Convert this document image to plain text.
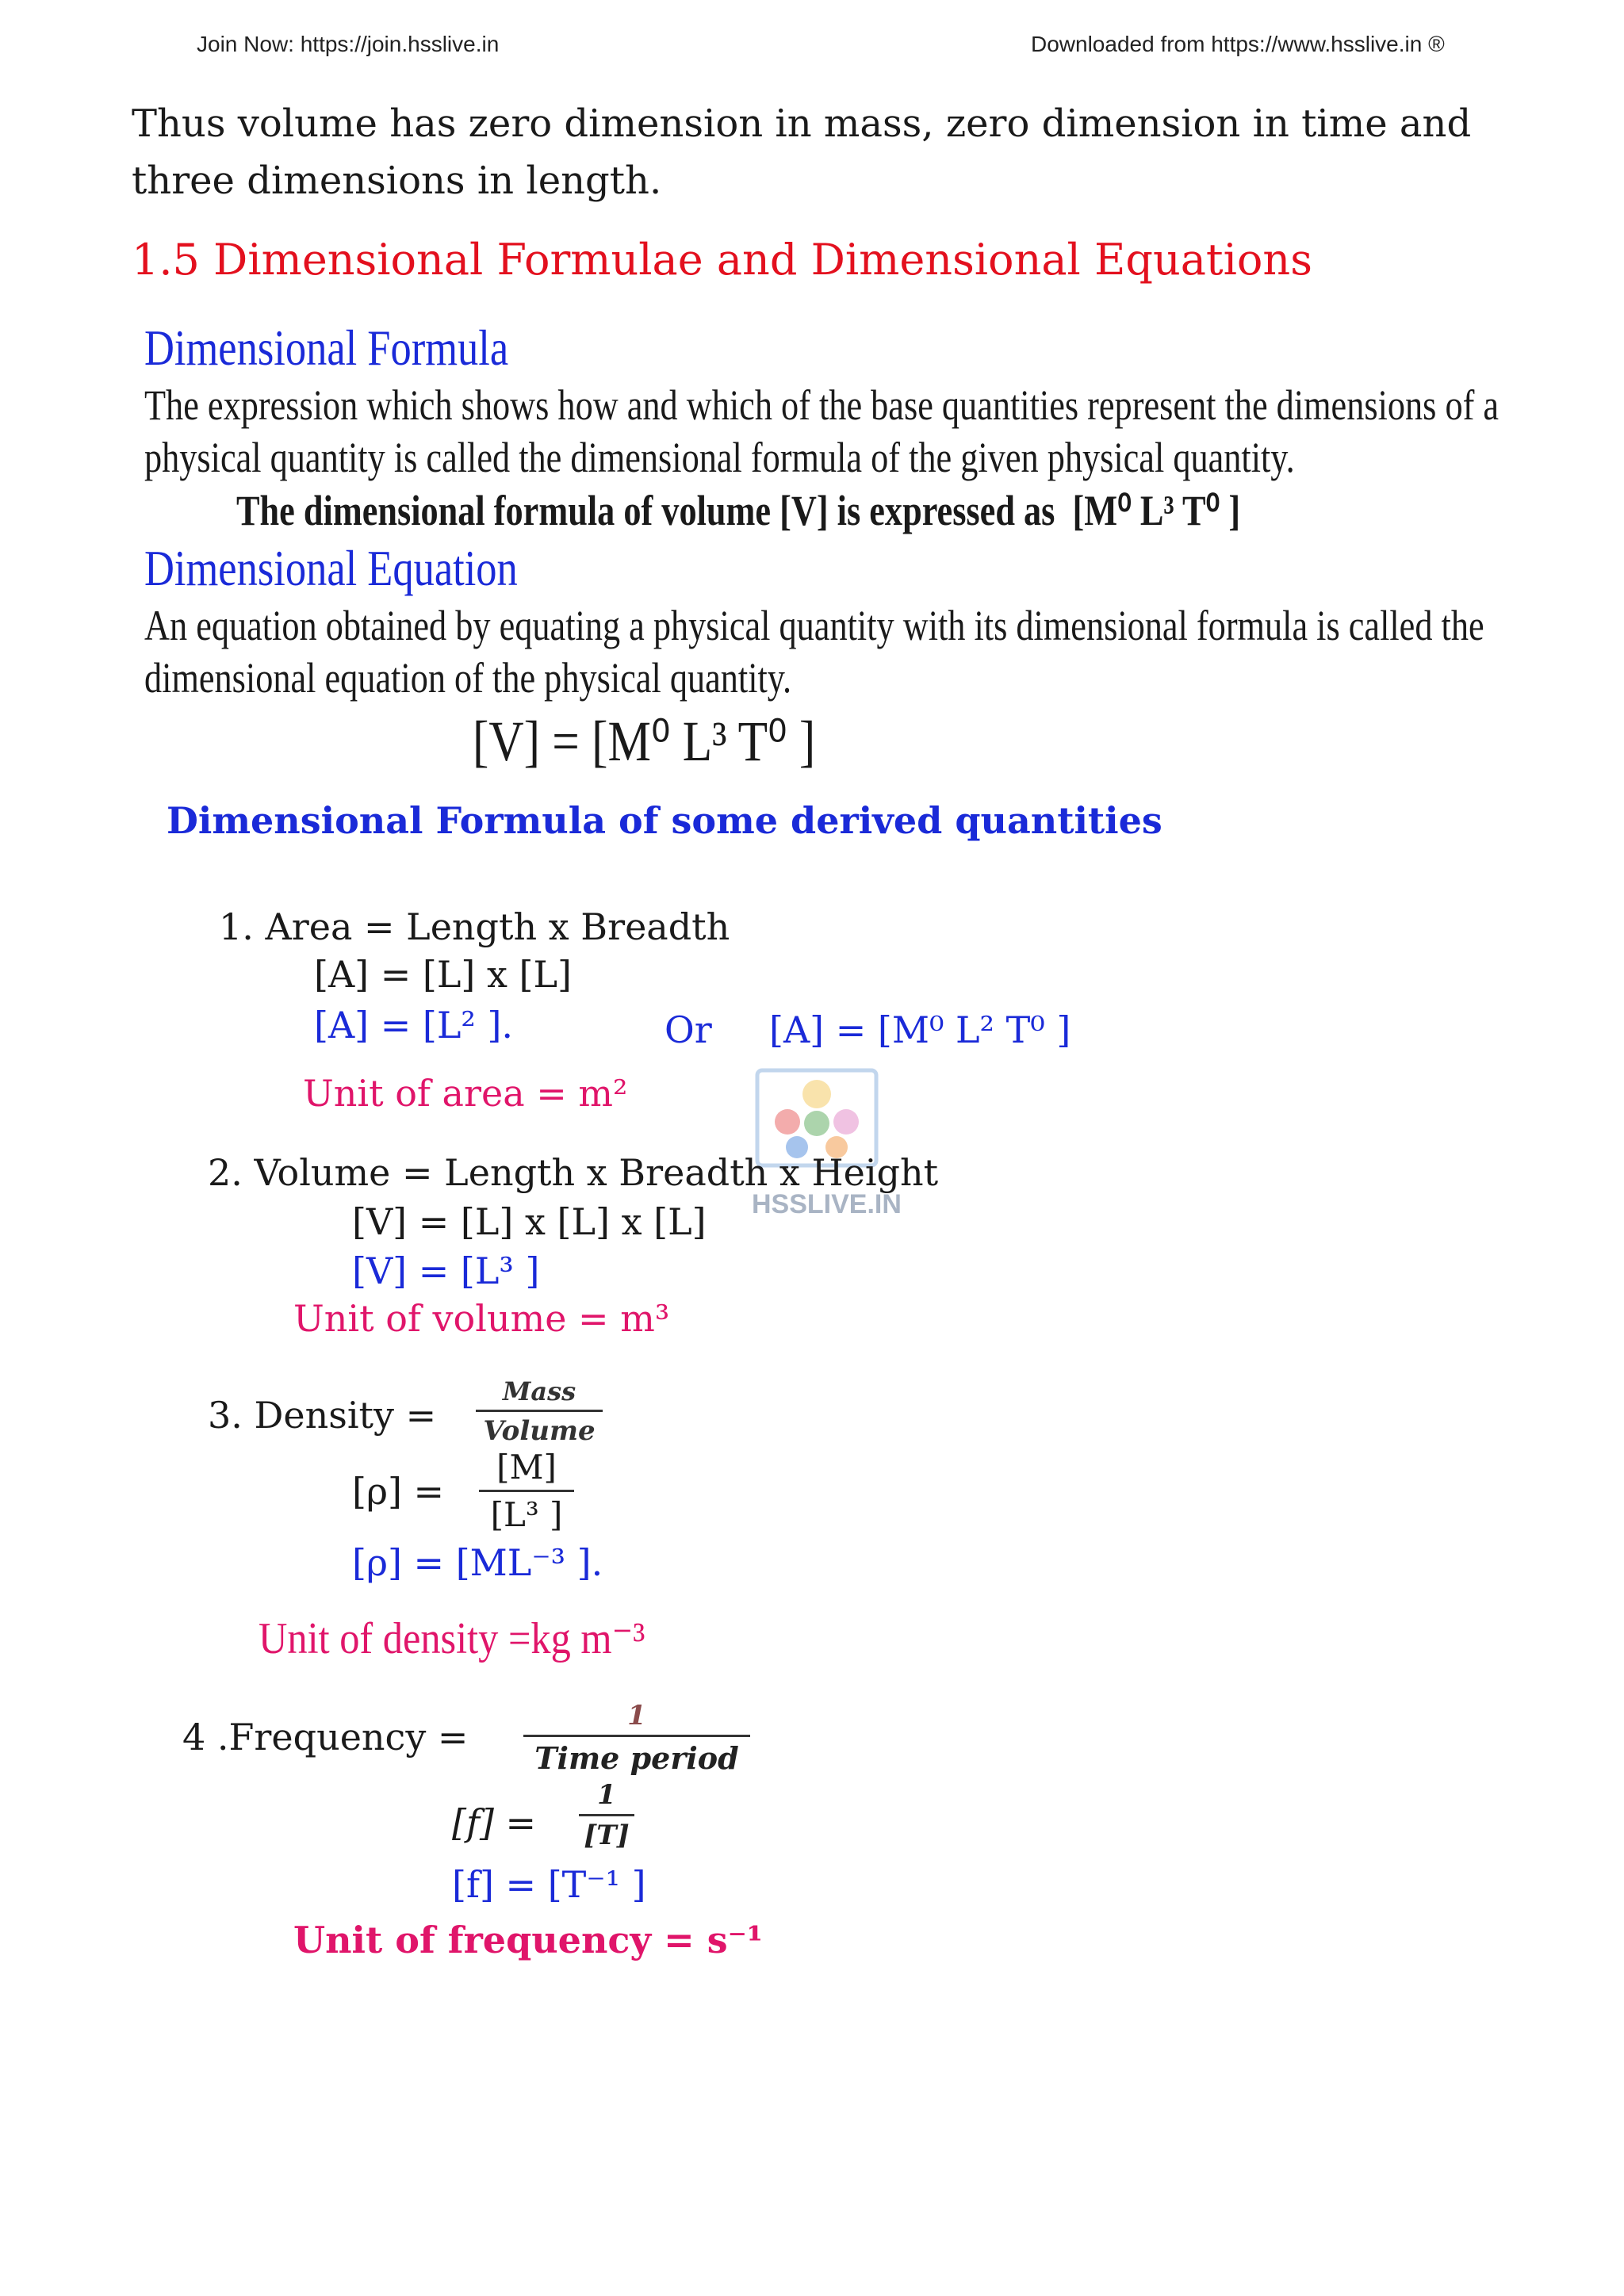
Join Now: https://join.hsslive.in	Downloaded from https://www.hsslive.in ®
Thus volume has zero dimension in mass, zero dimension in time and
three dimensions in length.
1.5 Dimensional Formulae and Dimensional Equations
Dimensional Formula
The expression which shows how and which of the base quantities represent the dimensions of a
physical quantity is called the dimensional formula of the given physical quantity.
The dimensional formula of volume [V] is expressed as [M⁰ L³ T⁰ ]
Dimensional Equation
An equation obtained by equating a physical quantity with its dimensional formula is called the
dimensional equation of the physical quantity.
[V] = [M⁰ L³ T⁰ ]
Dimensional Formula of some derived quantities
1. Area = Length x Breadth
[A] = [L] x [L]
[A] = [L² ].	Or [A] = [M⁰ L² T⁰ ]
Unit of area = m²
HSSLIVE.IN
2. Volume = Length x Breadth x Height
[V] = [L] x [L] x [L]
[V] = [L³ ]
Unit of volume = m³
3. Density =
Mass
Volume
[ρ] =
[M]
[L³ ]
[ρ] = [ML⁻³ ].
Unit of density =kg m⁻³
4 .Frequency =	1
Time period
[f] =
1
[T]
[f] = [T⁻¹ ]
Unit of frequency = s⁻¹
